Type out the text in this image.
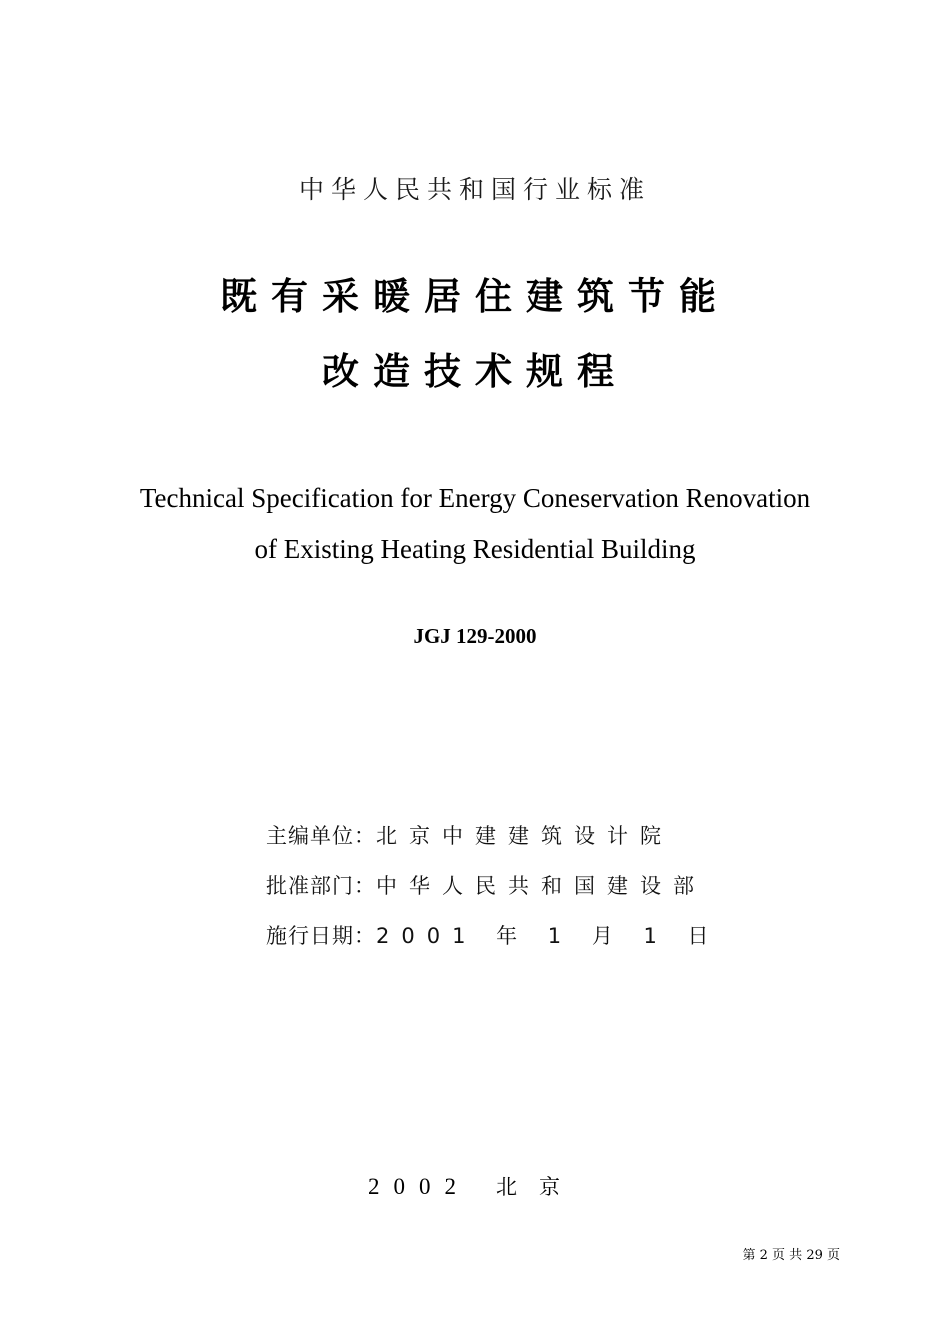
中华人民共和国行业标准
既有采暖居住建筑节能
改造技术规程
Technical Specification for Energy Coneservation Renovation
of Existing Heating Residential Building
JGJ 129-2000
主编单位：北京中建建筑设计院
批准部门：中华人民共和国建设部
施行日期：2001 年 1 月 1 日
2002 北京
第 2 页 共 29 页
